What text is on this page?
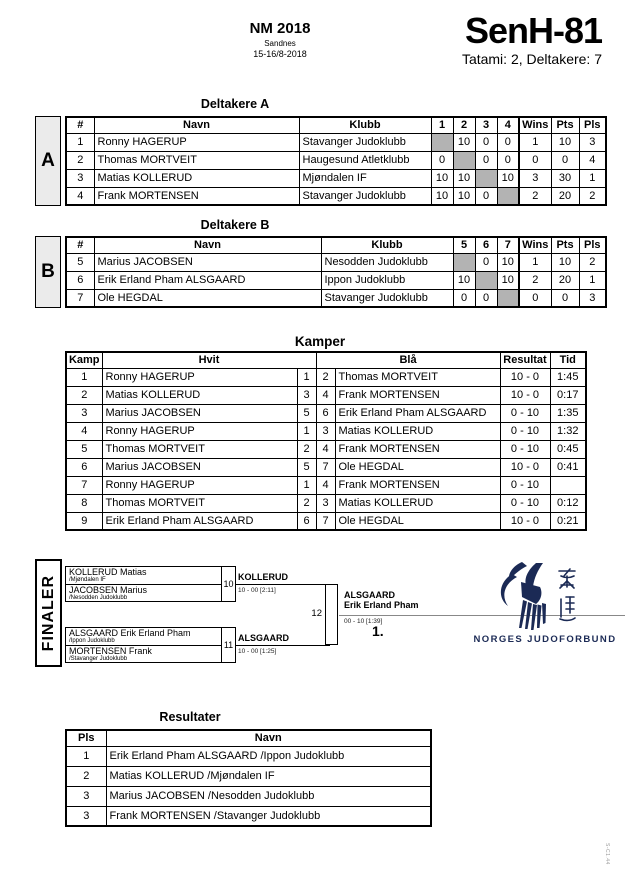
NM 2018
Sandnes
15-16/8-2018
SenH-81
Tatami: 2, Deltakere: 7
Deltakere A
A
#	Navn	Klubb	1	2	3	4	Wins	Pts	Pls
1	Ronny HAGERUP	Stavanger Judoklubb		10	0	0	1	10	3
2	Thomas MORTVEIT	Haugesund Atletklubb	0		0	0	0	0	4
3	Matias KOLLERUD	Mjøndalen IF	10	10		10	3	30	1
4	Frank MORTENSEN	Stavanger Judoklubb	10	10	0		2	20	2
Deltakere B
B
#	Navn	Klubb	5	6	7	Wins	Pts	Pls
5	Marius JACOBSEN	Nesodden Judoklubb		0	10	1	10	2
6	Erik Erland Pham ALSGAARD	Ippon Judoklubb	10		10	2	20	1
7	Ole HEGDAL	Stavanger Judoklubb	0	0		0	0	3
Kamper
Kamp	Hvit		Blå		Resultat	Tid
1	Ronny HAGERUP	1	2	Thomas MORTVEIT	10 - 0	1:45
2	Matias KOLLERUD	3	4	Frank MORTENSEN	10 - 0	0:17
3	Marius JACOBSEN	5	6	Erik Erland Pham ALSGAARD	0 - 10	1:35
4	Ronny HAGERUP	1	3	Matias KOLLERUD	0 - 10	1:32
5	Thomas MORTVEIT	2	4	Frank MORTENSEN	0 - 10	0:45
6	Marius JACOBSEN	5	7	Ole HEGDAL	10 - 0	0:41
7	Ronny HAGERUP	1	4	Frank MORTENSEN	0 - 10	
8	Thomas MORTVEIT	2	3	Matias KOLLERUD	0 - 10	0:12
9	Erik Erland Pham ALSGAARD	6	7	Ole HEGDAL	10 - 0	0:21
FINALER
KOLLERUD Matias
/Mjøndalen IF
JACOBSEN Marius
/Nesodden Judoklubb
10
KOLLERUD
10 - 00 [2:11]
ALSGAARD Erik Erland Pham
/Ippon Judoklubb
MORTENSEN Frank
/Stavanger Judoklubb
11
ALSGAARD
10 - 00 [1:25]
12
ALSGAARD
Erik Erland Pham
00 - 10 [1:39]
1.
NORGES JUDOFORBUND
Resultater
Pls	Navn
1	Erik Erland Pham ALSGAARD /Ippon Judoklubb
2	Matias KOLLERUD /Mjøndalen IF
3	Marius JACOBSEN /Nesodden Judoklubb
3	Frank MORTENSEN /Stavanger Judoklubb
S-C1.44
